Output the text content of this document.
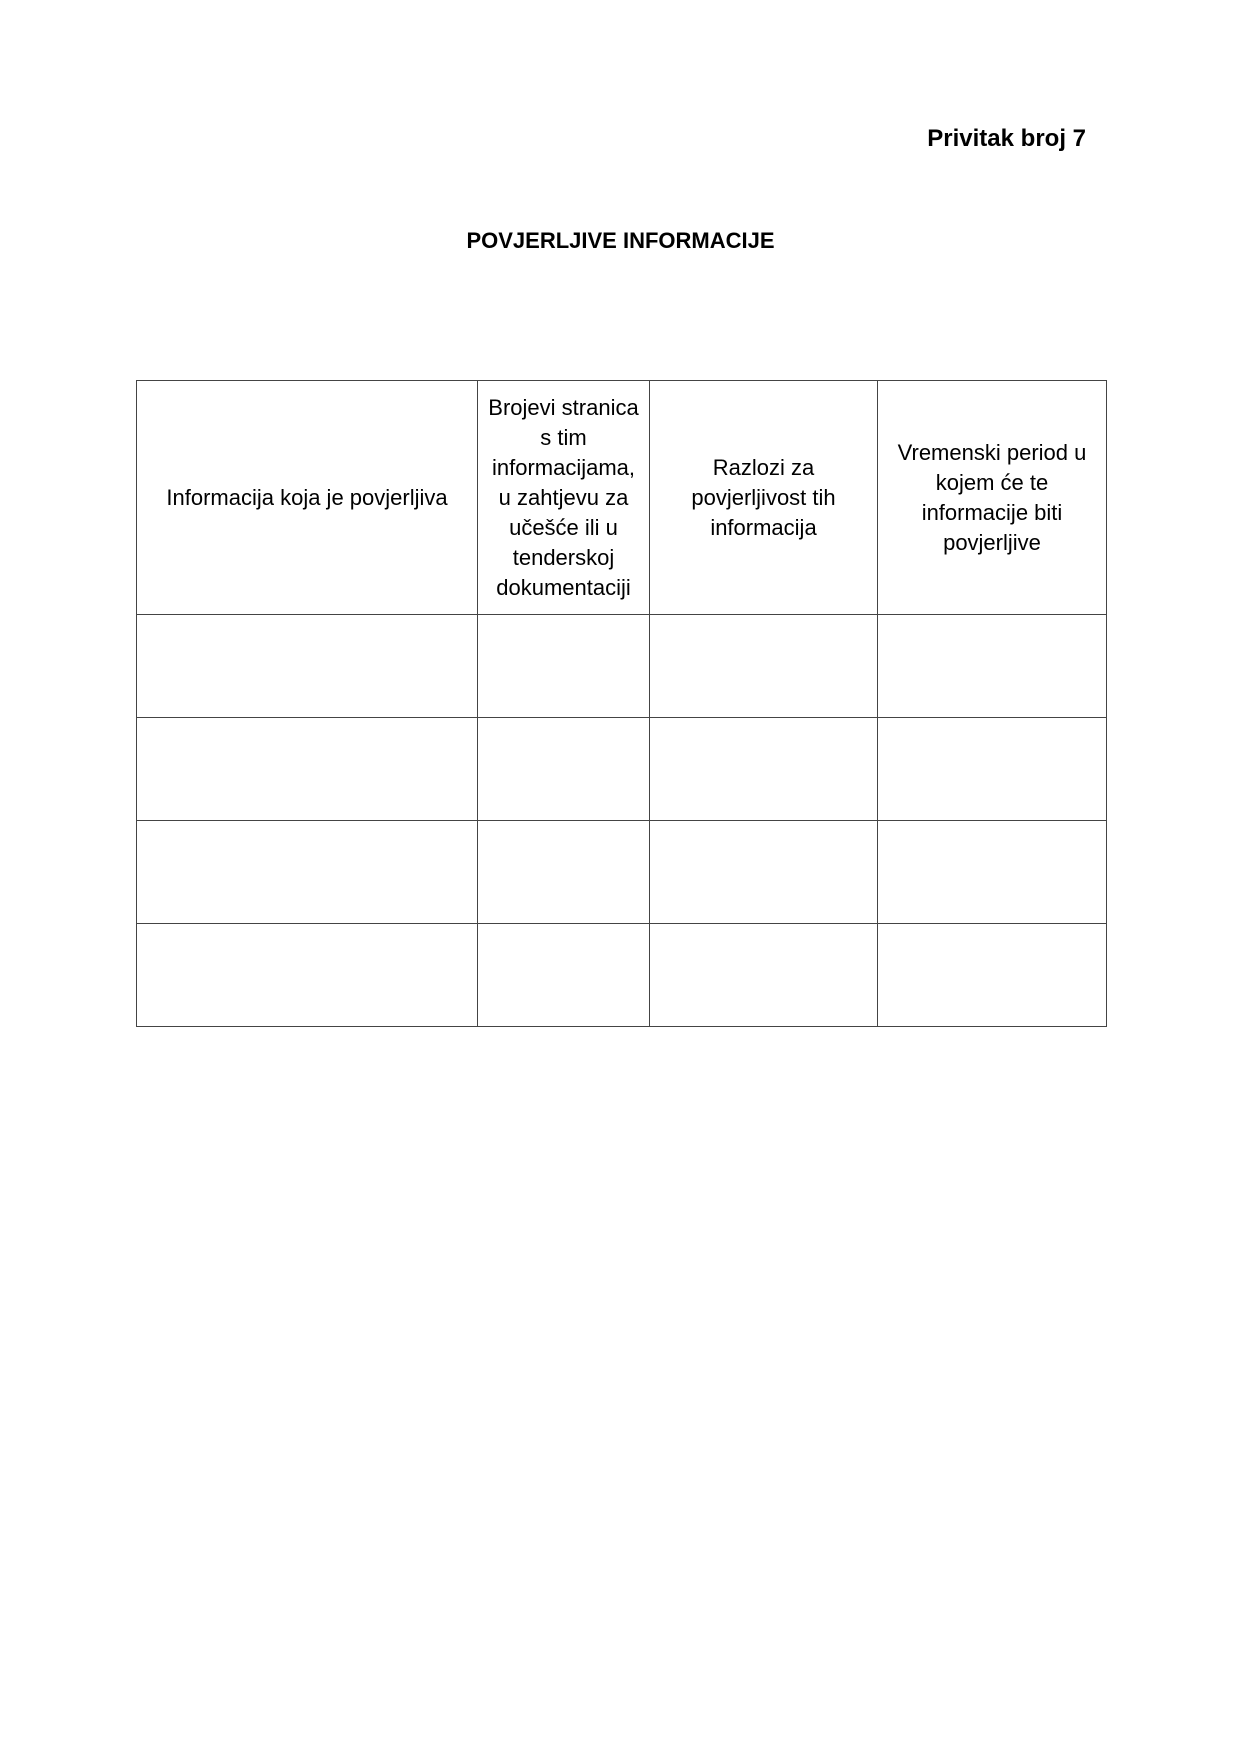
Privitak broj 7
POVJERLJIVE INFORMACIJE
Informacija koja je povjerljiva	Brojevi stranica s tim informacijama, u zahtjevu za učešće ili u tenderskoj dokumentaciji	Razlozi za povjerljivost tih informacija	Vremenski period u kojem će te informacije biti povjerljive
